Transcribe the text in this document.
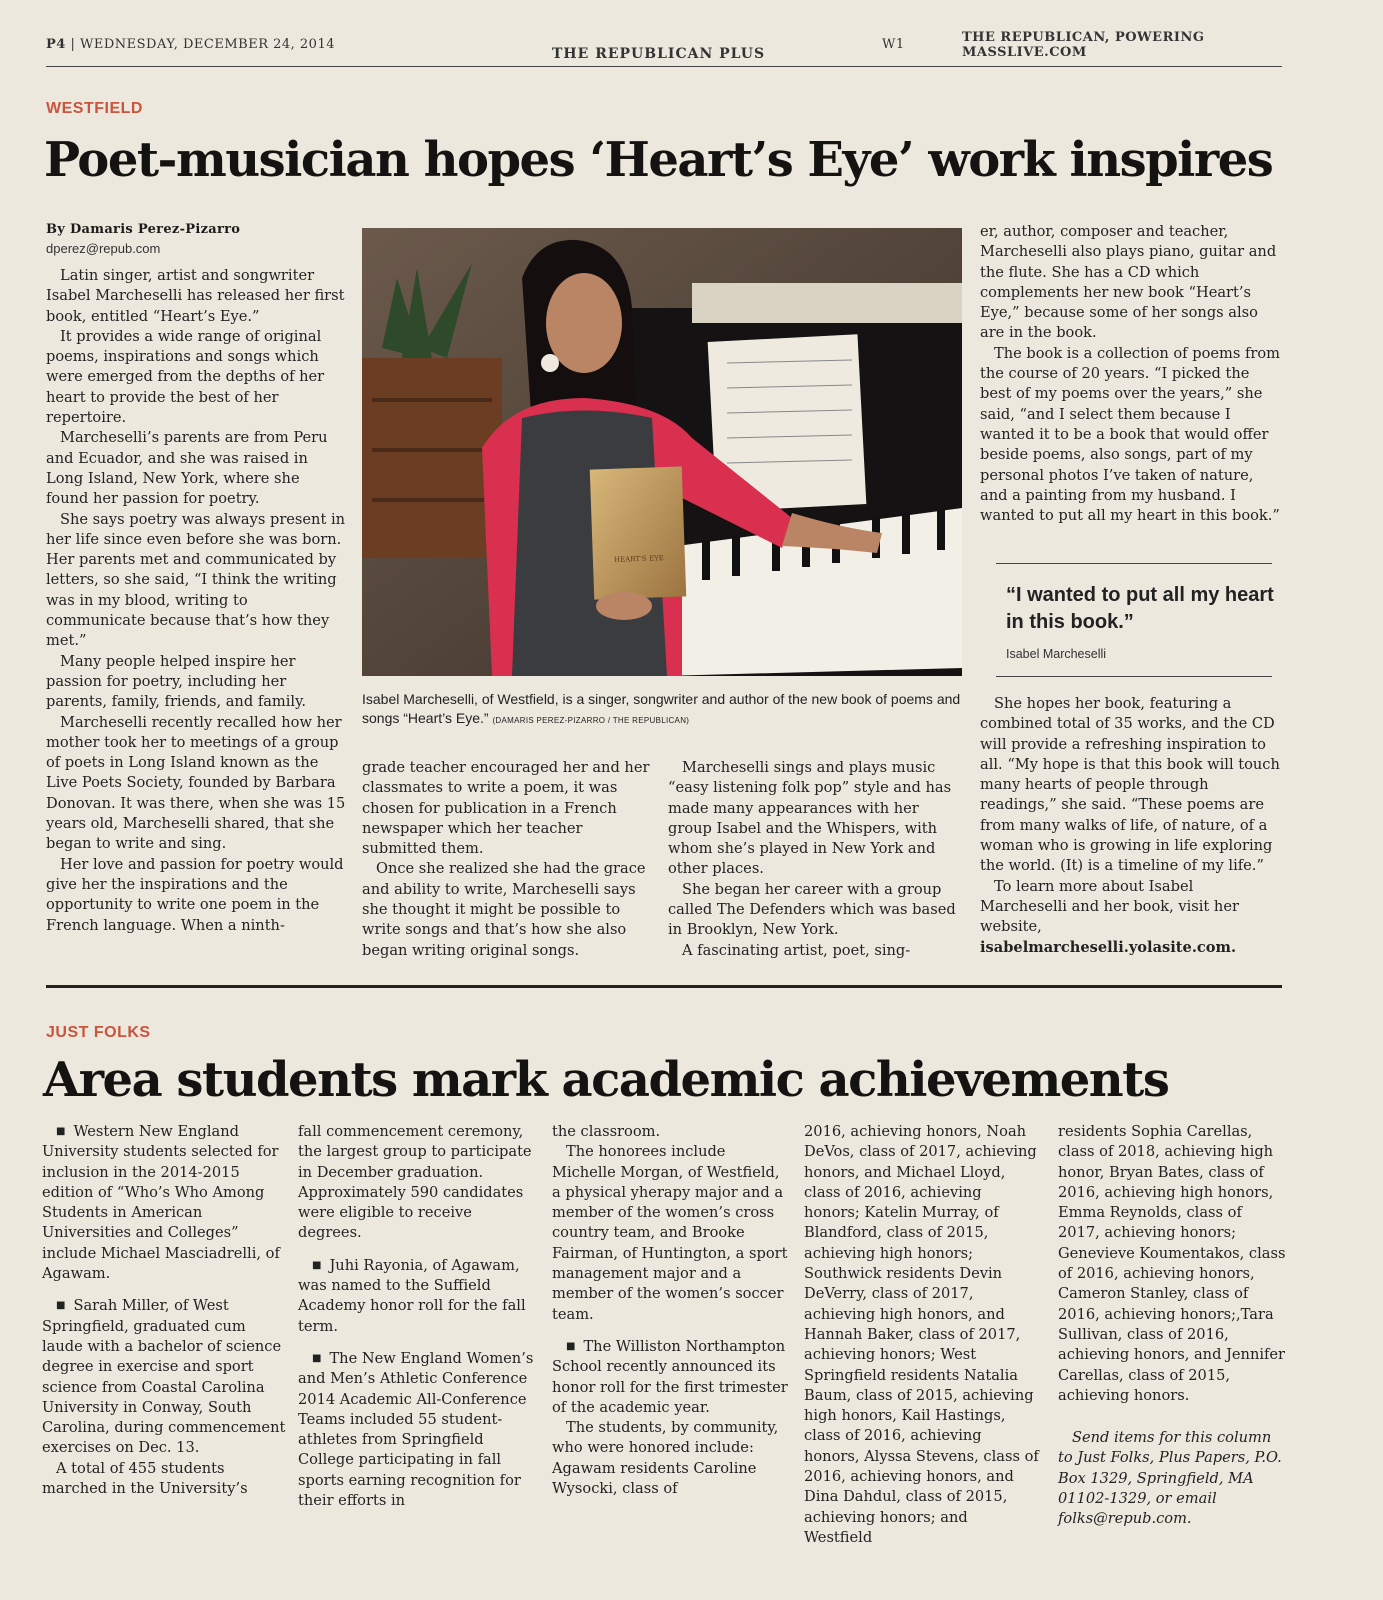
P4 | WEDNESDAY, DECEMBER 24, 2014
THE REPUBLICAN PLUS
W1	THE REPUBLICAN, POWERING MASSLIVE.COM
WESTFIELD
Poet-musician hopes ‘Heart’s Eye’ work inspires
By Damaris Perez-Pizarro
dperez@repub.com

Latin singer, artist and songwriter Isabel Marcheselli has released her first book, entitled “Heart’s Eye.”

It provides a wide range of original poems, inspirations and songs which were emerged from the depths of her heart to provide the best of her repertoire.

Marcheselli’s parents are from Peru and Ecuador, and she was raised in Long Island, New York, where she found her passion for poetry.

She says poetry was always present in her life since even before she was born. Her parents met and communicated by letters, so she said, “I think the writing was in my blood, writing to communicate because that’s how they met.”

Many people helped inspire her passion for poetry, including her parents, family, friends, and family.

Marcheselli recently recalled how her mother took her to meetings of a group of poets in Long Island known as the Live Poets Society, founded by Barbara Donovan. It was there, when she was 15 years old, Marcheselli shared, that she began to write and sing.

Her love and passion for poetry would give her the inspirations and the opportunity to write one poem in the French language. When a ninth-

HEART'S EYE
Isabel Marcheselli, of Westfield, is a singer, songwriter and author of the new book of poems and songs “Heart’s Eye.” (DAMARIS PEREZ-PIZARRO / THE REPUBLICAN)

grade teacher encouraged her and her classmates to write a poem, it was chosen for publication in a French newspaper which her teacher submitted them.

Once she realized she had the grace and ability to write, Marcheselli says she thought it might be possible to write songs and that’s how she also began writing original songs.

Marcheselli sings and plays music “easy listening folk pop” style and has made many appearances with her group Isabel and the Whispers, with whom she’s played in New York and other places.

She began her career with a group called The Defenders which was based in Brooklyn, New York.

A fascinating artist, poet, sing-

er, author, composer and teacher, Marcheselli also plays piano, guitar and the flute. She has a CD which complements her new book “Heart’s Eye,” because some of her songs also are in the book.

The book is a collection of poems from the course of 20 years. “I picked the best of my poems over the years,” she said, “and I select them because I wanted it to be a book that would offer beside poems, also songs, part of my personal photos I’ve taken of nature, and a painting from my husband. I wanted to put all my heart in this book.”

“I wanted to put all my heart in this book.”
Isabel Marcheselli

She hopes her book, featuring a combined total of 35 works, and the CD will provide a refreshing inspiration to all. “My hope is that this book will touch many hearts of people through readings,” she said. “These poems are from many walks of life, of nature, of a woman who is growing in life exploring the world. (It) is a timeline of my life.”

To learn more about Isabel Marcheselli and her book, visit her website,

isabelmarcheselli.yolasite.com.

JUST FOLKS
Area students mark academic achievements

■ Western New England University students selected for inclusion in the 2014-2015 edition of “Who’s Who Among Students in American Universities and Colleges” include Michael Masciadrelli, of Agawam.

■ Sarah Miller, of West Springfield, graduated cum laude with a bachelor of science degree in exercise and sport science from Coastal Carolina University in Conway, South Carolina, during commencement exercises on Dec. 13.

A total of 455 students marched in the University’s

fall commencement ceremony, the largest group to participate in December graduation. Approximately 590 candidates were eligible to receive degrees.

■ Juhi Rayonia, of Agawam, was named to the Suffield Academy honor roll for the fall term.

■ The New England Women’s and Men’s Athletic Conference 2014 Academic All-Conference Teams included 55 student-athletes from Springfield College participating in fall sports earning recognition for their efforts in

the classroom.

The honorees include Michelle Morgan, of Westfield, a physical yherapy major and a member of the women’s cross country team, and Brooke Fairman, of Huntington, a sport management major and a member of the women’s soccer team.

■ The Williston Northampton School recently announced its honor roll for the first trimester of the academic year.

The students, by community, who were honored include: Agawam residents Caroline Wysocki, class of

2016, achieving honors, Noah DeVos, class of 2017, achieving honors, and Michael Lloyd, class of 2016, achieving honors; Katelin Murray, of Blandford, class of 2015, achieving high honors; Southwick residents Devin DeVerry, class of 2017, achieving high honors, and Hannah Baker, class of 2017, achieving honors; West Springfield residents Natalia Baum, class of 2015, achieving high honors, Kail Hastings, class of 2016, achieving honors, Alyssa Stevens, class of 2016, achieving honors, and Dina Dahdul, class of 2015, achieving honors; and Westfield

residents Sophia Carellas, class of 2018, achieving high honor, Bryan Bates, class of 2016, achieving high honors, Emma Reynolds, class of 2017, achieving honors; Genevieve Koumentakos, class of 2016, achieving honors, Cameron Stanley, class of 2016, achieving honors;,Tara Sullivan, class of 2016, achieving honors, and Jennifer Carellas, class of 2015, achieving honors.

Send items for this column to Just Folks, Plus Papers, P.O. Box 1329, Springfield, MA 01102-1329, or email folks@repub.com.
